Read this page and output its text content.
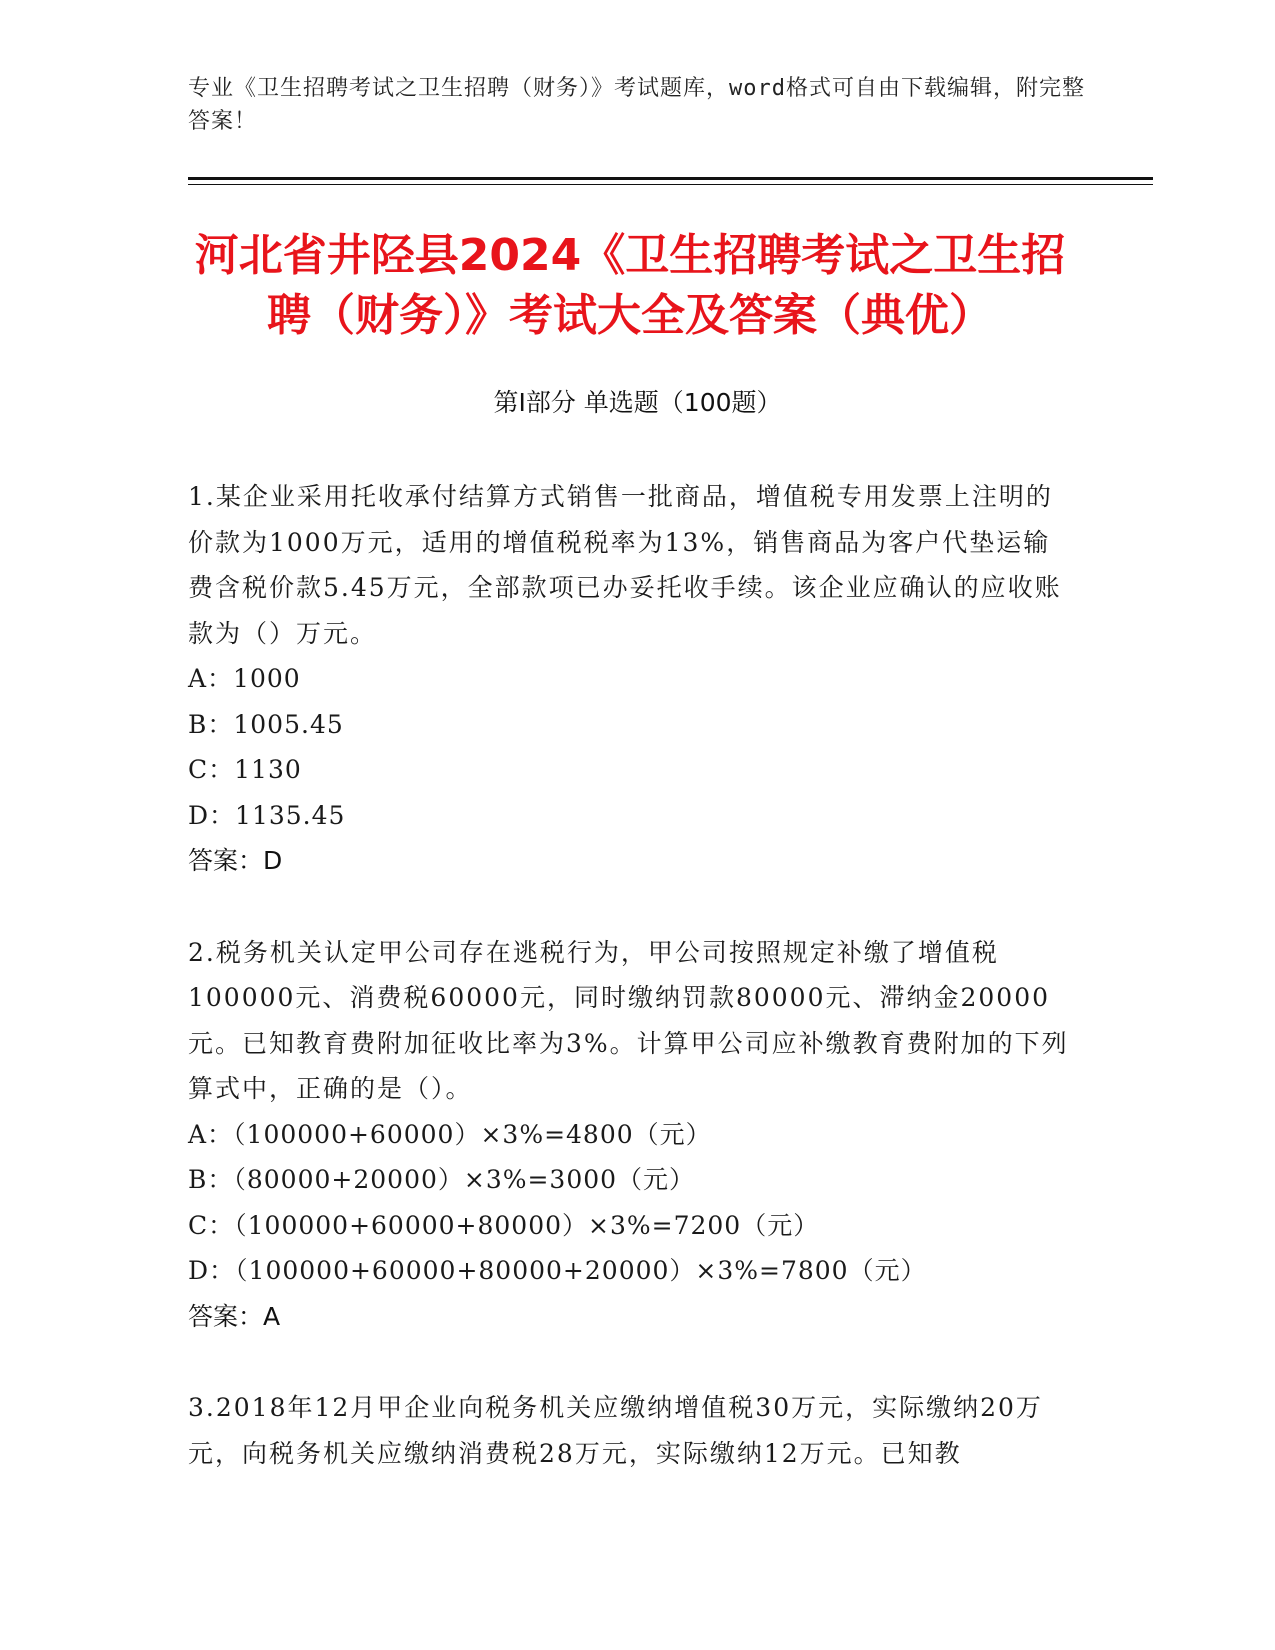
专业《卫生招聘考试之卫生招聘（财务）》考试题库，word格式可自由下载编辑，附完整答案！
河北省井陉县2024《卫生招聘考试之卫生招聘（财务）》考试大全及答案（典优）
第I部分 单选题（100题）
1.某企业采用托收承付结算方式销售一批商品，增值税专用发票上注明的价款为1000万元，适用的增值税税率为13%，销售商品为客户代垫运输费含税价款5.45万元，全部款项已办妥托收手续。该企业应确认的应收账款为（）万元。
A：1000
B：1005.45
C：1130
D：1135.45
答案：D
2.税务机关认定甲公司存在逃税行为，甲公司按照规定补缴了增值税100000元、消费税60000元，同时缴纳罚款80000元、滞纳金20000元。已知教育费附加征收比率为3%。计算甲公司应补缴教育费附加的下列算式中，正确的是（）。
A：（100000+60000）×3%=4800（元）
B：（80000+20000）×3%=3000（元）
C：（100000+60000+80000）×3%=7200（元）
D：（100000+60000+80000+20000）×3%=7800（元）
答案：A
3.2018年12月甲企业向税务机关应缴纳增值税30万元，实际缴纳20万元，向税务机关应缴纳消费税28万元，实际缴纳12万元。已知教
